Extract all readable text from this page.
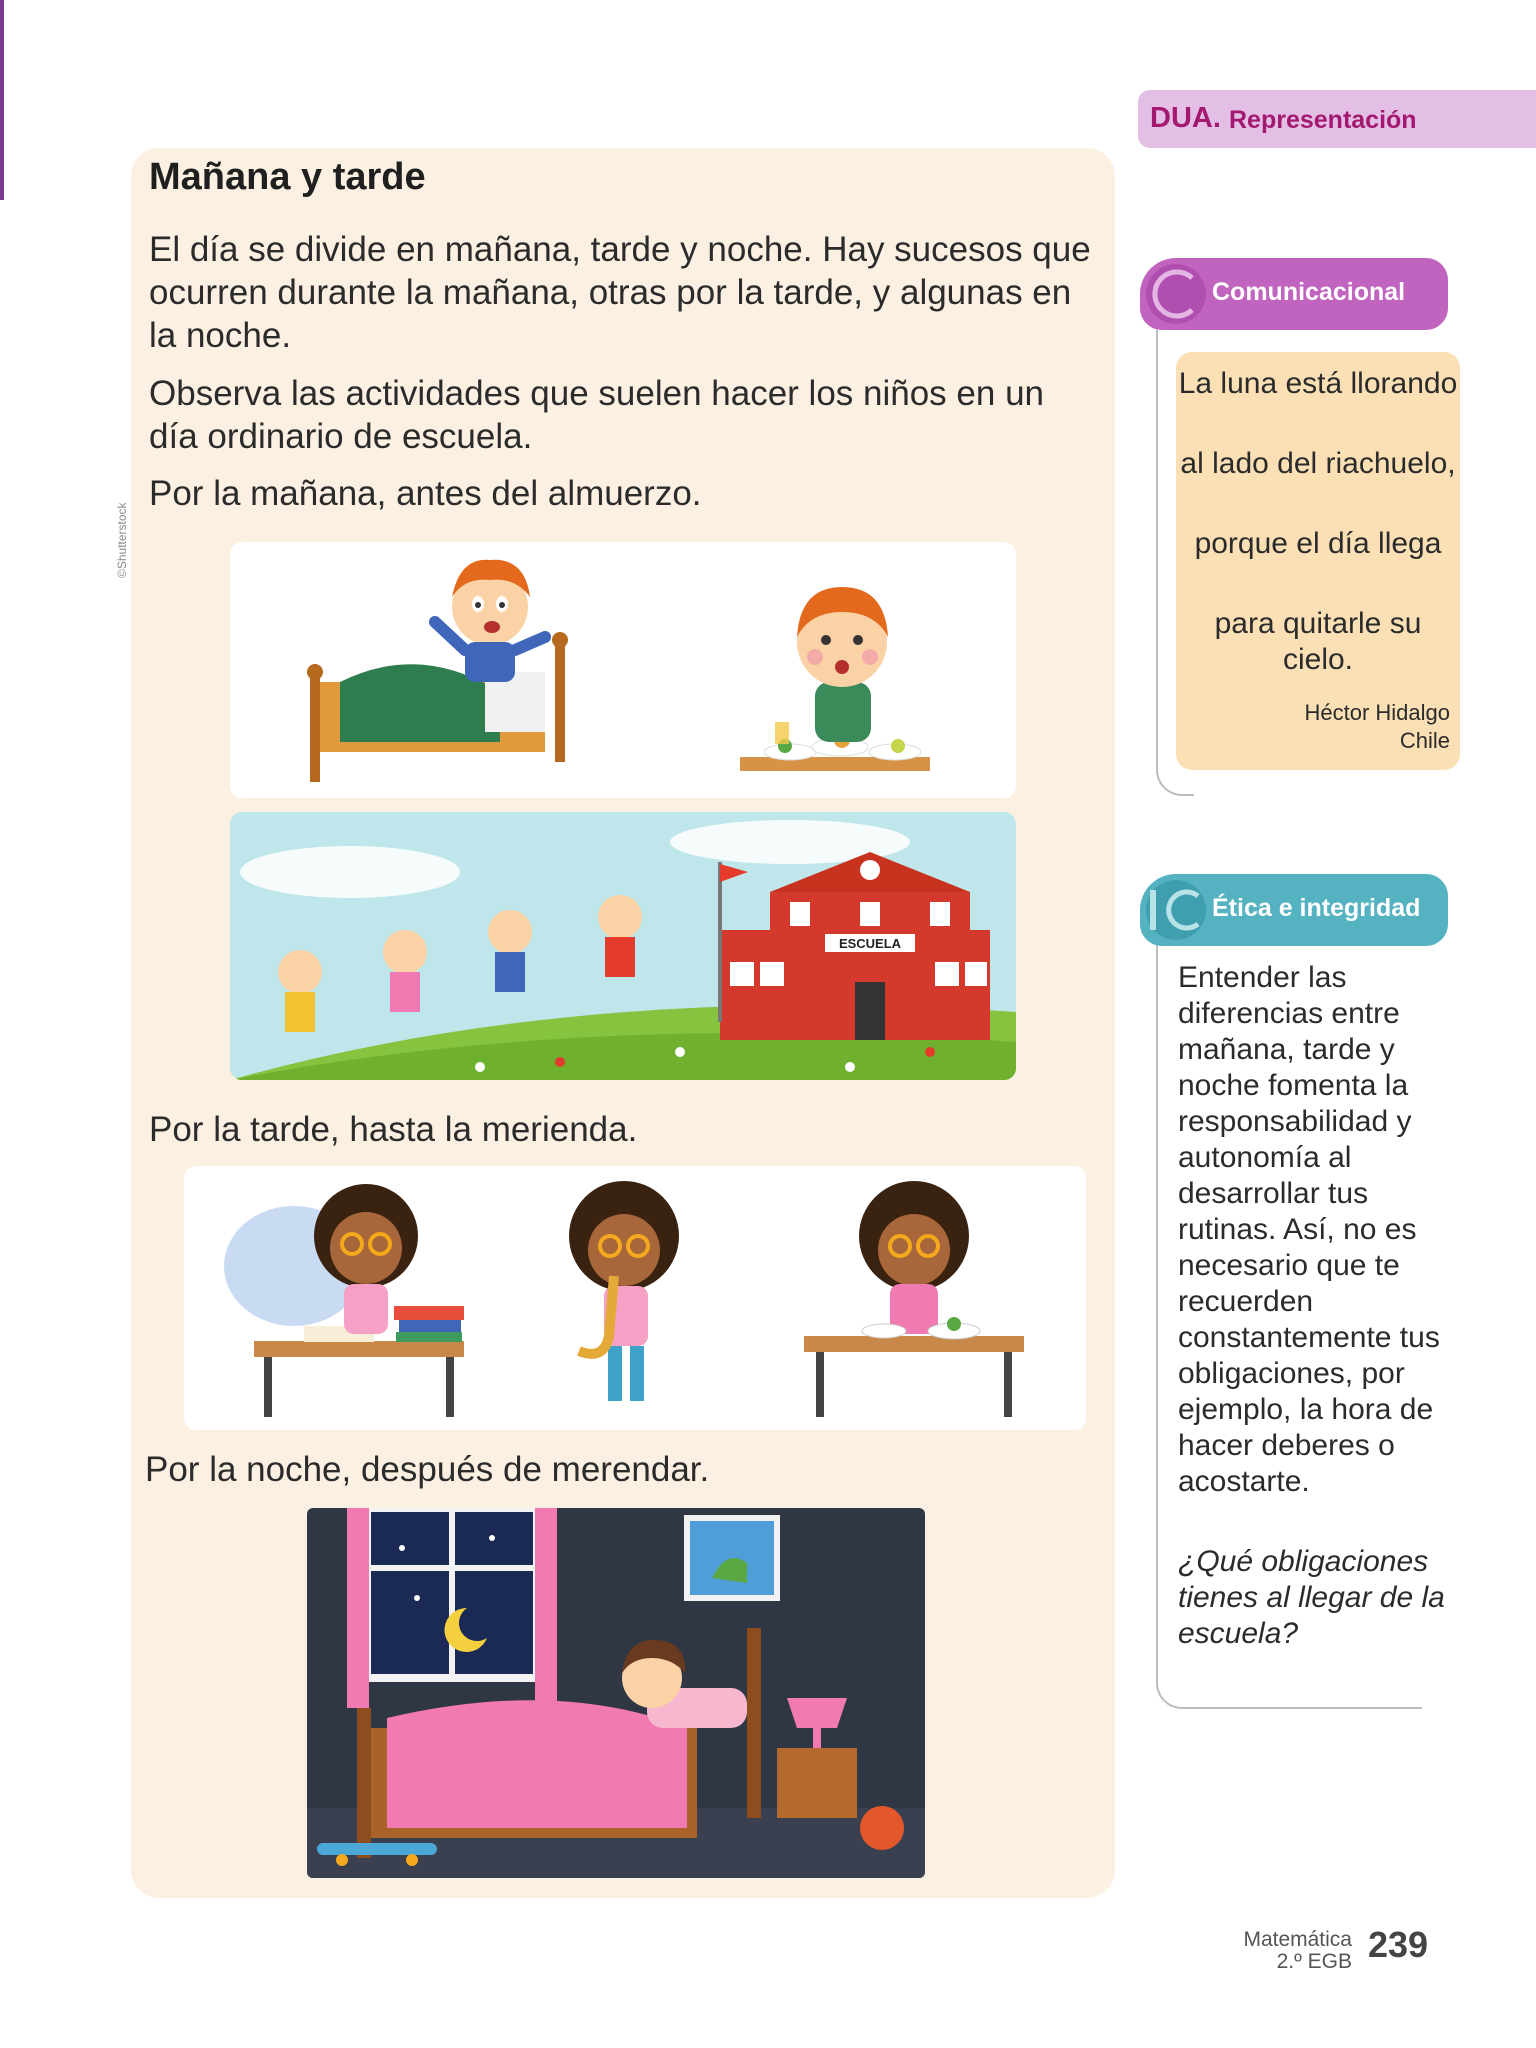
Mañana y tarde
El día se divide en mañana, tarde y noche. Hay sucesos que ocurren durante la mañana, otras por la tarde, y algunas en la noche.
Observa las actividades que suelen hacer los niños en un día ordinario de escuela.
Por la mañana, antes del almuerzo.
©Shutterstock
ESCUELA
Por la tarde, hasta la merienda.
Por la noche, después de merendar.
DUA. Representación
Comunicacional
La luna está llorando
al lado del riachuelo,
porque el día llega
para quitarle su cielo.
Héctor Hidalgo
Chile
Ética e integridad
Entender las diferencias entre mañana, tarde y noche fomenta la responsabilidad y autonomía al desarrollar tus rutinas. Así, no es necesario que te recuerden constantemente tus obligaciones, por ejemplo, la hora de hacer deberes o acostarte.
¿Qué obligaciones tienes al llegar de la escuela?
Matemática
2.º EGB 239
